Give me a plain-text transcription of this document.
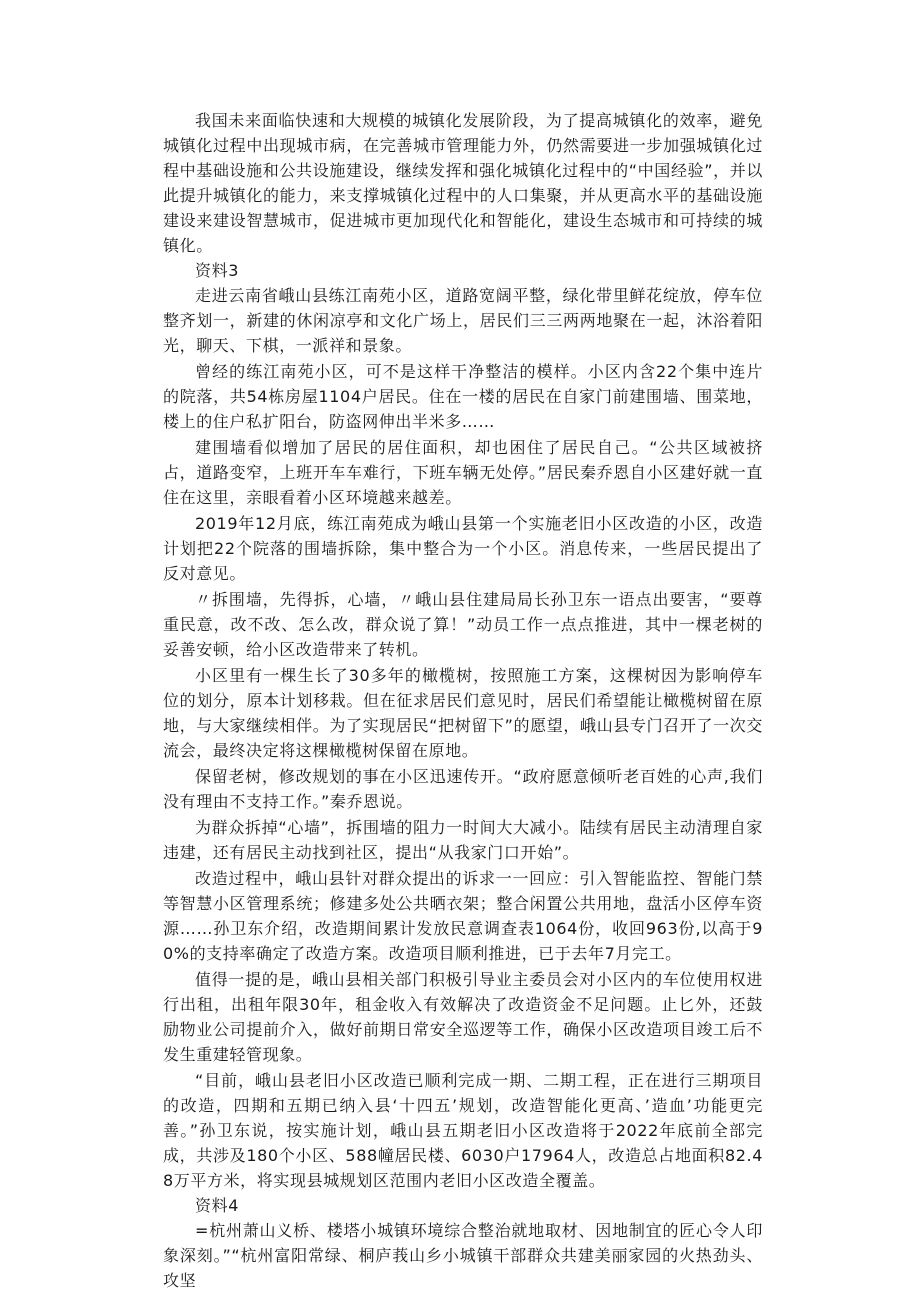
我国未来面临快速和大规模的城镇化发展阶段，为了提高城镇化的效率，避免城镇化过程中出现城市病，在完善城市管理能力外，仍然需要进一步加强城镇化过程中基础设施和公共设施建设，继续发挥和强化城镇化过程中的“中国经验”，并以此提升城镇化的能力，来支撑城镇化过程中的人口集聚，并从更高水平的基础设施建设来建设智慧城市，促进城市更加现代化和智能化，建设生态城市和可持续的城镇化。

资料3

走进云南省峨山县练江南苑小区，道路宽阔平整，绿化带里鲜花绽放，停车位整齐划一，新建的休闲凉亭和文化广场上，居民们三三两两地聚在一起，沐浴着阳光，聊天、下棋，一派祥和景象。

曾经的练江南苑小区，可不是这样干净整洁的模样。小区内含22个集中连片的院落，共54栋房屋1104户居民。住在一楼的居民在自家门前建围墙、围菜地，楼上的住户私扩阳台，防盗网伸出半米多……

建围墙看似增加了居民的居住面积，却也困住了居民自己。“公共区域被挤占，道路变窄，上班开车车难行，下班车辆无处停。”居民秦乔恩自小区建好就一直住在这里，亲眼看着小区环境越来越差。

2019年12月底，练江南苑成为峨山县第一个实施老旧小区改造的小区，改造计划把22个院落的围墙拆除，集中整合为一个小区。消息传来，一些居民提出了反对意见。

〃拆围墙，先得拆，心墙，〃峨山县住建局局长孙卫东一语点出要害，“要尊重民意，改不改、怎么改，群众说了算！”动员工作一点点推进，其中一棵老树的妥善安顿，给小区改造带来了转机。

小区里有一棵生长了30多年的橄榄树，按照施工方案，这棵树因为影响停车位的划分，原本计划移栽。但在征求居民们意见时，居民们希望能让橄榄树留在原地，与大家继续相伴。为了实现居民“把树留下”的愿望，峨山县专门召开了一次交流会，最终决定将这棵橄榄树保留在原地。

保留老树，修改规划的事在小区迅速传开。“政府愿意倾听老百姓的心声,我们没有理由不支持工作。”秦乔恩说。

为群众拆掉“心墙”，拆围墙的阻力一时间大大减小。陆续有居民主动清理自家违建，还有居民主动找到社区，提出“从我家门口开始”。

改造过程中，峨山县针对群众提出的诉求一一回应：引入智能监控、智能门禁等智慧小区管理系统；修建多处公共晒衣架；整合闲置公共用地，盘活小区停车资源……孙卫东介绍，改造期间累计发放民意调查表1064份，收回963份,以高于90%的支持率确定了改造方案。改造项目顺利推进，已于去年7月完工。

值得一提的是，峨山县相关部门积极引导业主委员会对小区内的车位使用权进行出租，出租年限30年，租金收入有效解决了改造资金不足问题。止匕外，还鼓励物业公司提前介入，做好前期日常安全巡逻等工作，确保小区改造项目竣工后不发生重建轻管现象。

“目前，峨山县老旧小区改造已顺利完成一期、二期工程，正在进行三期项目的改造，四期和五期已纳入县‘十四五’规划，改造智能化更高、’造血’功能更完善。”孙卫东说，按实施计划，峨山县五期老旧小区改造将于2022年底前全部完成，共涉及180个小区、588幢居民楼、6030户17964人，改造总占地面积82.48万平方米，将实现县城规划区范围内老旧小区改造全覆盖。

资料4

=杭州萧山义桥、楼塔小城镇环境综合整治就地取材、因地制宜的匠心令人印象深刻。”“杭州富阳常绿、桐庐莪山乡小城镇干部群众共建美丽家园的火热劲头、攻坚
